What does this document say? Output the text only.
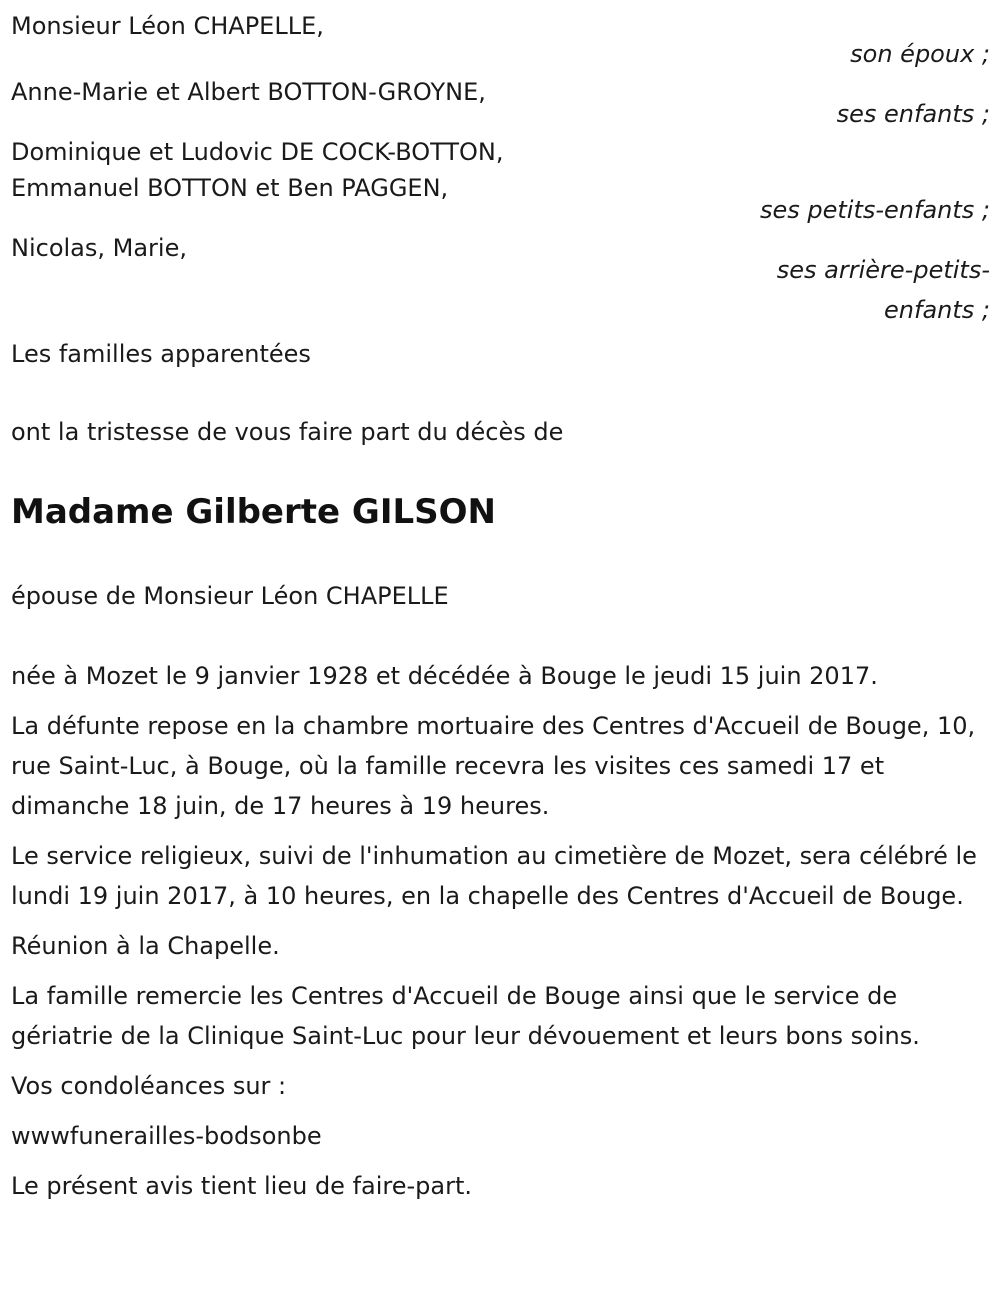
Monsieur Léon CHAPELLE,
son époux ;
Anne-Marie et Albert BOTTON-GROYNE,
ses enfants ;
Dominique et Ludovic DE COCK-BOTTON,
Emmanuel BOTTON et Ben PAGGEN,
ses petits-enfants ;
Nicolas, Marie,
ses arrière-petits-
enfants ;
Les familles apparentées
ont la tristesse de vous faire part du décès de
Madame Gilberte GILSON
épouse de Monsieur Léon CHAPELLE
née à Mozet le 9 janvier 1928 et décédée à Bouge le jeudi 15 juin 2017.
La défunte repose en la chambre mortuaire des Centres d'Accueil de Bouge, 10, rue Saint-Luc, à Bouge, où la famille recevra les visites ces samedi 17 et dimanche 18 juin, de 17 heures à 19 heures.
Le service religieux, suivi de l'inhumation au cimetière de Mozet, sera célébré le lundi 19 juin 2017, à 10 heures, en la chapelle des Centres d'Accueil de Bouge.
Réunion à la Chapelle.
La famille remercie les Centres d'Accueil de Bouge ainsi que le service de gériatrie de la Clinique Saint-Luc pour leur dévouement et leurs bons soins.
Vos condoléances sur :
wwwfunerailles-bodsonbe
Le présent avis tient lieu de faire-part.
